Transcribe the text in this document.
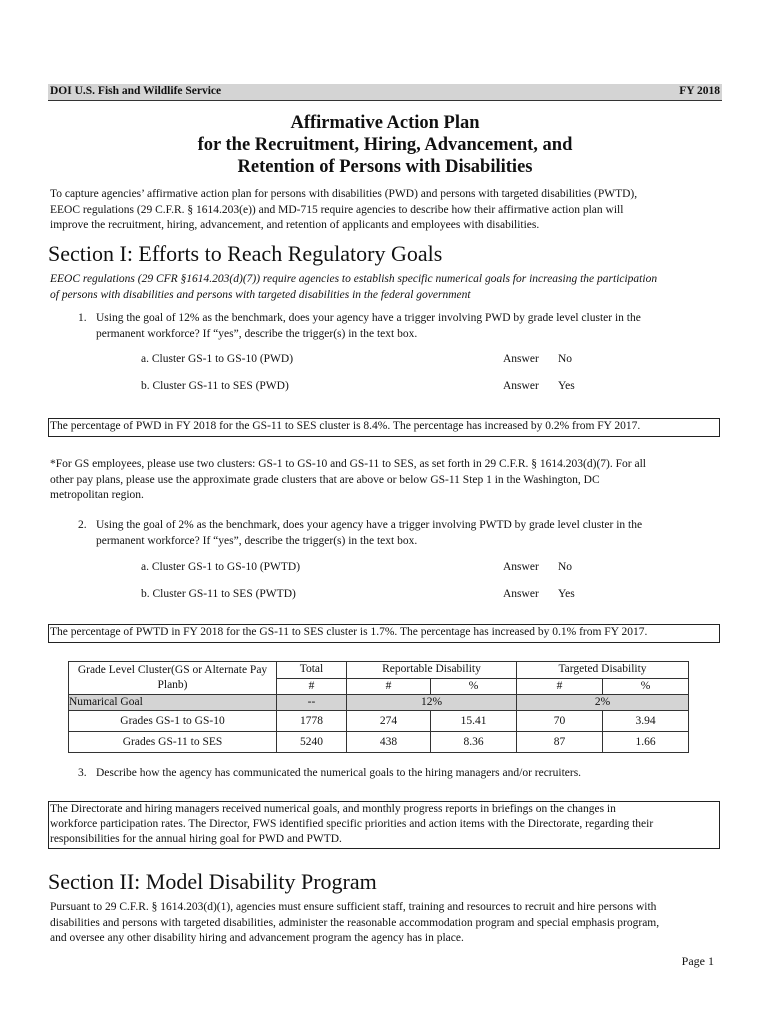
DOI U.S. Fish and Wildlife Service	FY 2018
Affirmative Action Plan
for the Recruitment, Hiring, Advancement, and
Retention of Persons with Disabilities
To capture agencies’ affirmative action plan for persons with disabilities (PWD) and persons with targeted disabilities (PWTD),
EEOC regulations (29 C.F.R. § 1614.203(e)) and MD-715 require agencies to describe how their affirmative action plan will
improve the recruitment, hiring, advancement, and retention of applicants and employees with disabilities.
Section I: Efforts to Reach Regulatory Goals
EEOC regulations (29 CFR §1614.203(d)(7)) require agencies to establish specific numerical goals for increasing the participation
of persons with disabilities and persons with targeted disabilities in the federal government
1. Using the goal of 12% as the benchmark, does your agency have a trigger involving PWD by grade level cluster in the
permanent workforce? If “yes”, describe the trigger(s) in the text box.
a. Cluster GS-1 to GS-10 (PWD)	Answer No
b. Cluster GS-11 to SES (PWD)	Answer Yes
The percentage of PWD in FY 2018 for the GS-11 to SES cluster is 8.4%. The percentage has increased by 0.2% from FY 2017.
*For GS employees, please use two clusters: GS-1 to GS-10 and GS-11 to SES, as set forth in 29 C.F.R. § 1614.203(d)(7). For all
other pay plans, please use the approximate grade clusters that are above or below GS-11 Step 1 in the Washington, DC
metropolitan region.
2. Using the goal of 2% as the benchmark, does your agency have a trigger involving PWTD by grade level cluster in the
permanent workforce? If “yes”, describe the trigger(s) in the text box.
a. Cluster GS-1 to GS-10 (PWTD)	Answer No
b. Cluster GS-11 to SES (PWTD)	Answer Yes
The percentage of PWTD in FY 2018 for the GS-11 to SES cluster is 1.7%. The percentage has increased by 0.1% from FY 2017.
Grade Level Cluster(GS or Alternate Pay
Planb)	Total	Reportable Disability		Targeted Disability	
	#	#	%	#	%
Numarical Goal	--	12%		2%	
Grades GS-1 to GS-10	1778	274	15.41	70	3.94
Grades GS-11 to SES	5240	438	8.36	87	1.66
3. Describe how the agency has communicated the numerical goals to the hiring managers and/or recruiters.
The Directorate and hiring managers received numerical goals, and monthly progress reports in briefings on the changes in
workforce participation rates. The Director, FWS identified specific priorities and action items with the Directorate, regarding their
responsibilities for the annual hiring goal for PWD and PWTD.
Section II: Model Disability Program
Pursuant to 29 C.F.R. § 1614.203(d)(1), agencies must ensure sufficient staff, training and resources to recruit and hire persons with
disabilities and persons with targeted disabilities, administer the reasonable accommodation program and special emphasis program,
and oversee any other disability hiring and advancement program the agency has in place.
Page 1
